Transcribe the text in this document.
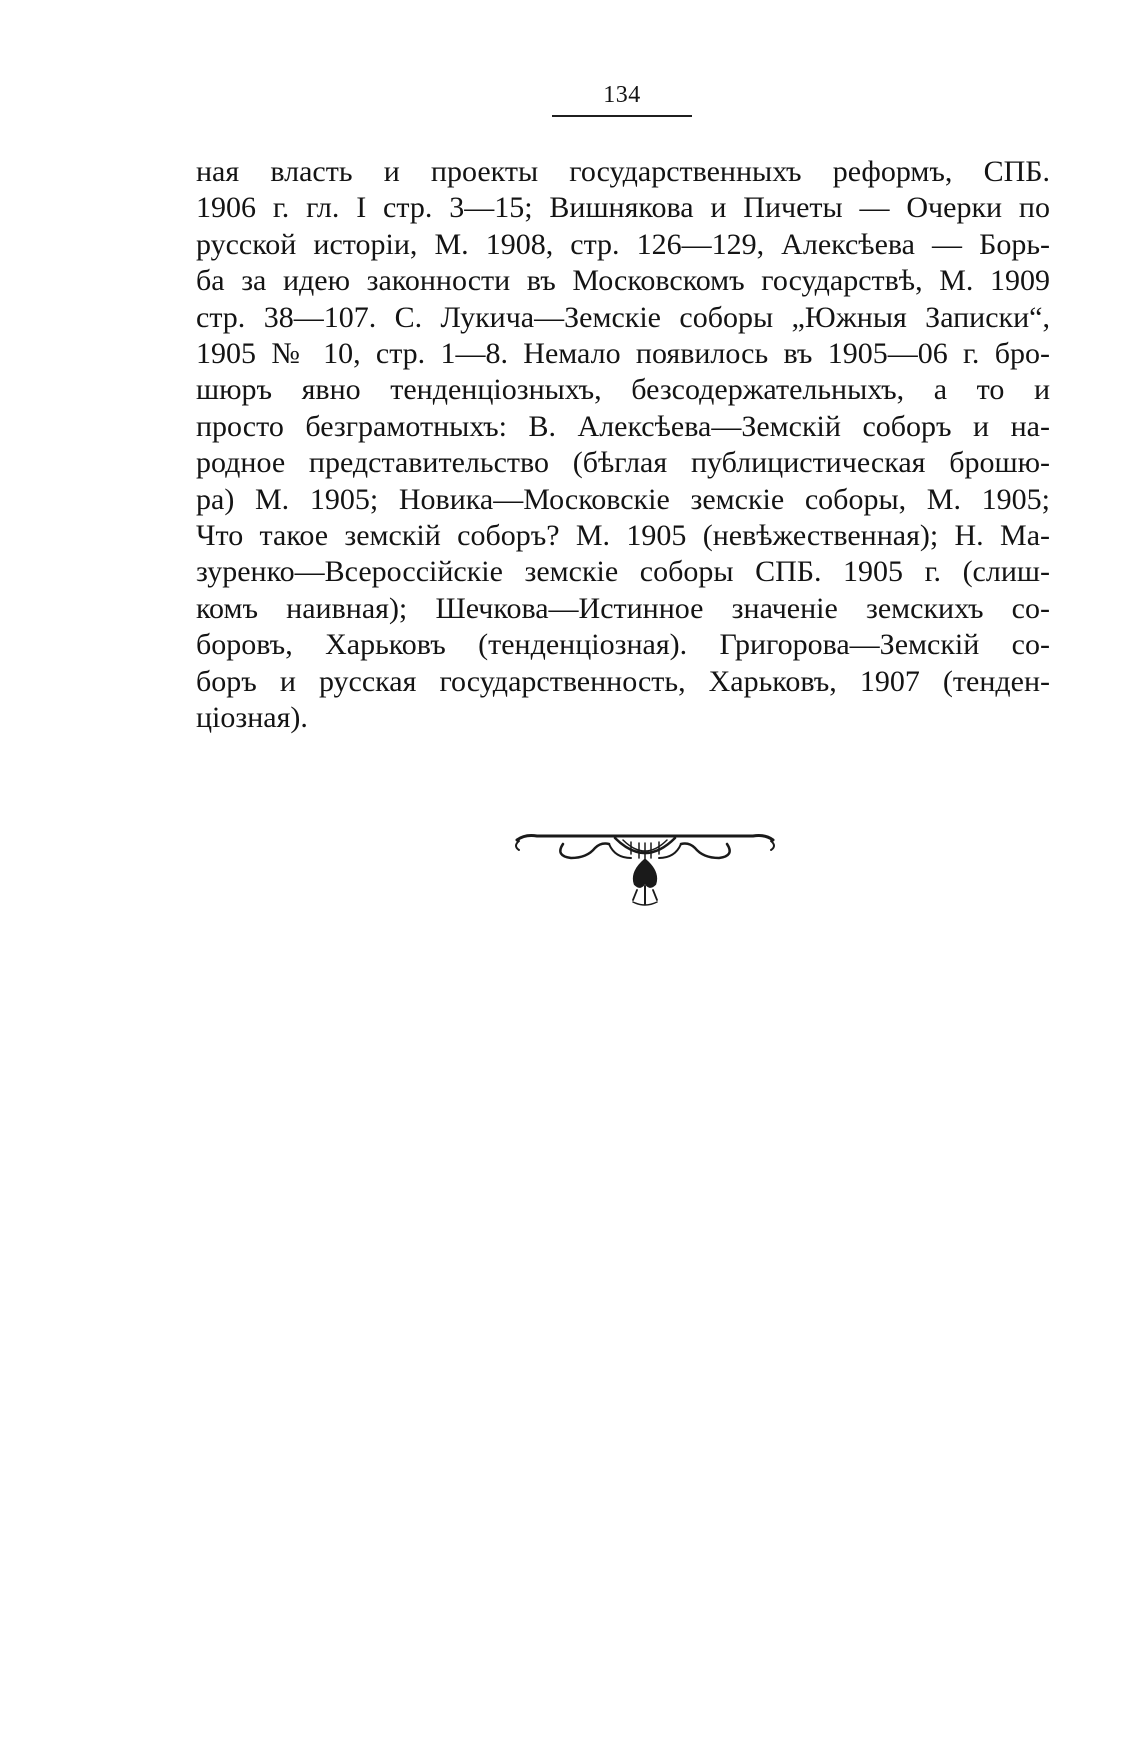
134
ная власть и проекты государственныхъ реформъ, СПБ.
1906 г. гл. I стр. 3—15; Вишнякова и Пичеты — Очерки по
русской исторіи, М. 1908, стр. 126—129, Алексѣева — Борь-
ба за идею законности въ Московскомъ государствѣ, М. 1909
стр. 38—107. С. Лукича—Земскіе соборы „Южныя Записки“,
1905 № 10, стр. 1—8. Немало появилось въ 1905—06 г. бро-
шюръ явно тенденціозныхъ, безсодержательныхъ, а то и
просто безграмотныхъ: В. Алексѣева—Земскій соборъ и на-
родное представительство (бѣглая публицистическая брошю-
ра) М. 1905; Новика—Московскіе земскіе соборы, М. 1905;
Что такое земскій соборъ? М. 1905 (невѣжественная); Н. Ма-
зуренко—Всероссійскіе земскіе соборы СПБ. 1905 г. (слиш-
комъ наивная); Шечкова—Истинное значеніе земскихъ со-
боровъ, Харьковъ (тенденціозная). Григорова—Земскій со-
боръ и русская государственность, Харьковъ, 1907 (тенден-
ціозная).
